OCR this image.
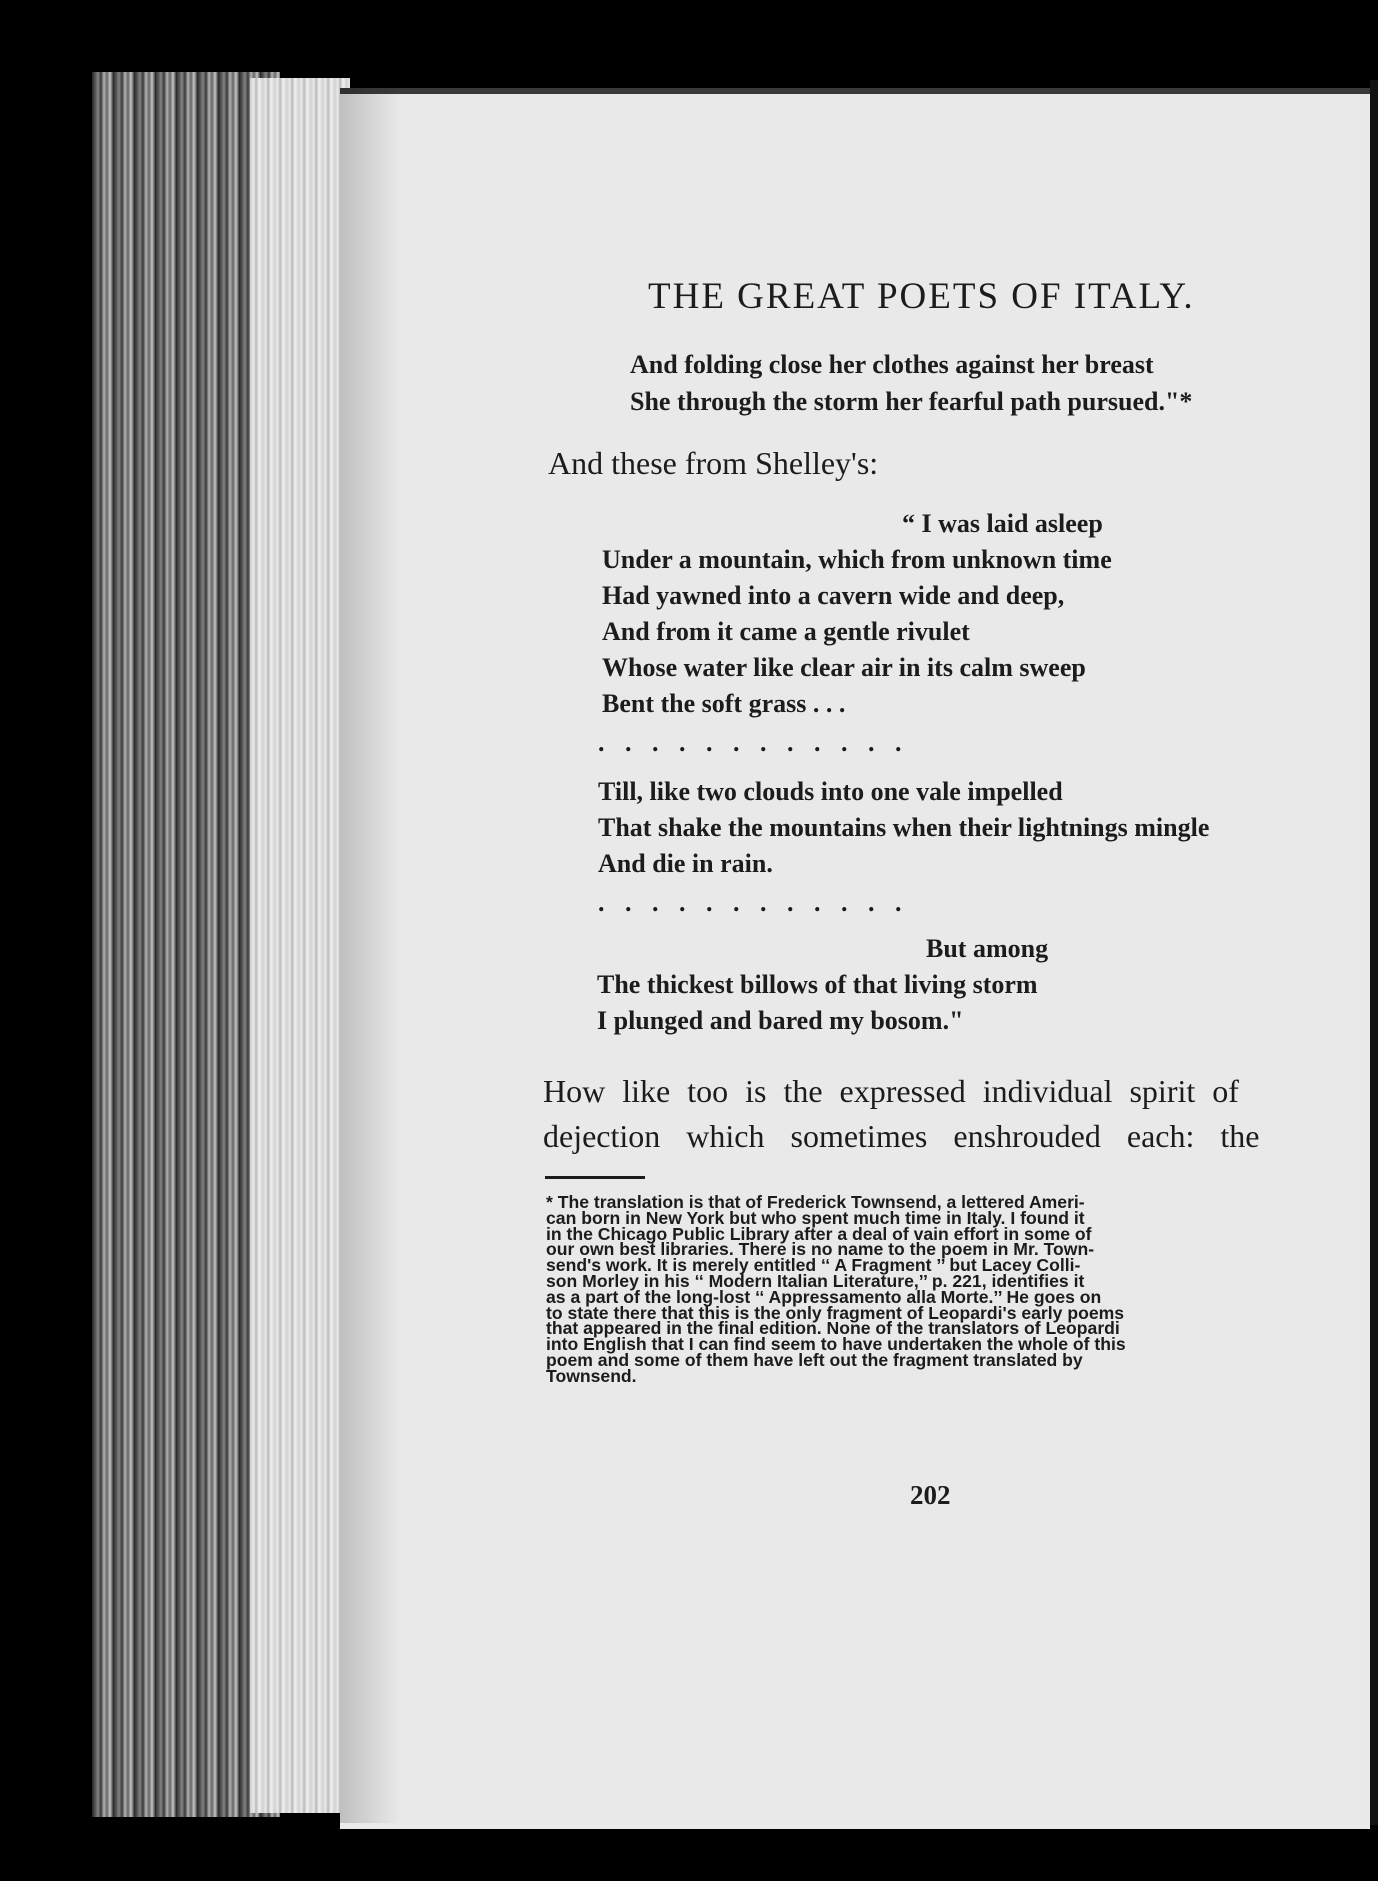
THE GREAT POETS OF ITALY.
And folding close her clothes against her breast
She through the storm her fearful path pursued."*
And these from Shelley's:
“ I was laid asleep
Under a mountain, which from unknown time
Had yawned into a cavern wide and deep,
And from it came a gentle rivulet
Whose water like clear air in its calm sweep
Bent the soft grass . . .
. . . . . . . . . . . .
Till, like two clouds into one vale impelled
That shake the mountains when their lightnings mingle
And die in rain.
. . . . . . . . . . . .
But among
The thickest billows of that living storm
I plunged and bared my bosom."
How like too is the expressed individual spirit of
dejection which sometimes enshrouded each: the
* The translation is that of Frederick Townsend, a lettered Ameri-
can born in New York but who spent much time in Italy. I found it
in the Chicago Public Library after a deal of vain effort in some of
our own best libraries. There is no name to the poem in Mr. Town-
send's work. It is merely entitled ‘‘ A Fragment ’’ but Lacey Colli-
son Morley in his ‘‘ Modern Italian Literature,’’ p. 221, identifies it
as a part of the long-lost ‘‘ Appressamento alla Morte.’’ He goes on
to state there that this is the only fragment of Leopardi's early poems
that appeared in the final edition. None of the translators of Leopardi
into English that I can find seem to have undertaken the whole of this
poem and some of them have left out the fragment translated by
Townsend.
202
